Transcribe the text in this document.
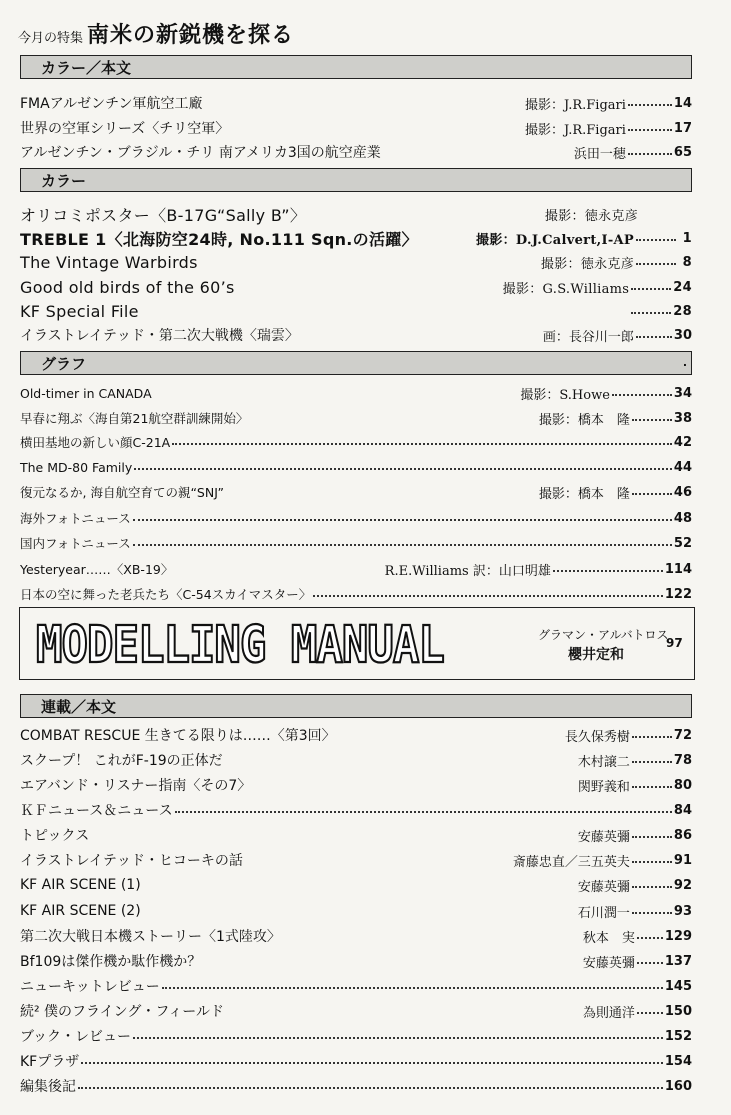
今月の特集 南米の新鋭機を探る
カラー／本文
FMAアルゼンチン軍航空工廠	撮影：J.R.Figari	14
世界の空軍シリーズ〈チリ空軍〉	撮影：J.R.Figari	17
アルゼンチン・ブラジル・チリ 南アメリカ3国の航空産業	浜田一穂	65
カラー
オリコミポスター〈B-17G“Sally B”〉	撮影：徳永克彦
TREBLE 1〈北海防空24時, No.111 Sqn.の活躍〉	撮影：D.J.Calvert,I-AP	1
The Vintage Warbirds	撮影：徳永克彦	8
Good old birds of the 60’s	撮影：G.S.Williams	24
KF Special File	28
イラストレイテッド・第二次大戦機〈瑞雲〉	画：長谷川一郎	30
グラフ	.
Old-timer in CANADA	撮影：S.Howe	34
早春に翔ぶ〈海自第21航空群訓練開始〉	撮影：橋本　隆	38
横田基地の新しい顔C-21A	42
The MD-80 Family	44
復元なるか, 海自航空育ての親“SNJ”	撮影：橋本　隆	46
海外フォトニュース	48
国内フォトニュース	52
Yesteryear……〈XB-19〉	R.E.Williams 訳：山口明雄	114
日本の空に舞った老兵たち〈C-54スカイマスター〉	122
MODELLING MANUAL	グラマン・アルバトロス
櫻井定和
97
連載／本文
COMBAT RESCUE 生きてる限りは……〈第3回〉	長久保秀樹	72
スクープ！ これがF-19の正体だ	木村譲二	78
エアバンド・リスナー指南〈その7〉	関野義和	80
ＫＦニュース＆ニュース	84
トピックス	安藤英彌	86
イラストレイテッド・ヒコーキの話	斎藤忠直／三五英夫	91
KF AIR SCENE (1)	安藤英彌	92
KF AIR SCENE (2)	石川潤一	93
第二次大戦日本機ストーリー〈1式陸攻〉	秋本　実 129
Bf109は傑作機か駄作機か？	安藤英彌 137
ニューキットレビュー	145
続² 僕のフライング・フィールド	為則通洋 150
ブック・レビュー	152
KFプラザ	154
編集後記	160
